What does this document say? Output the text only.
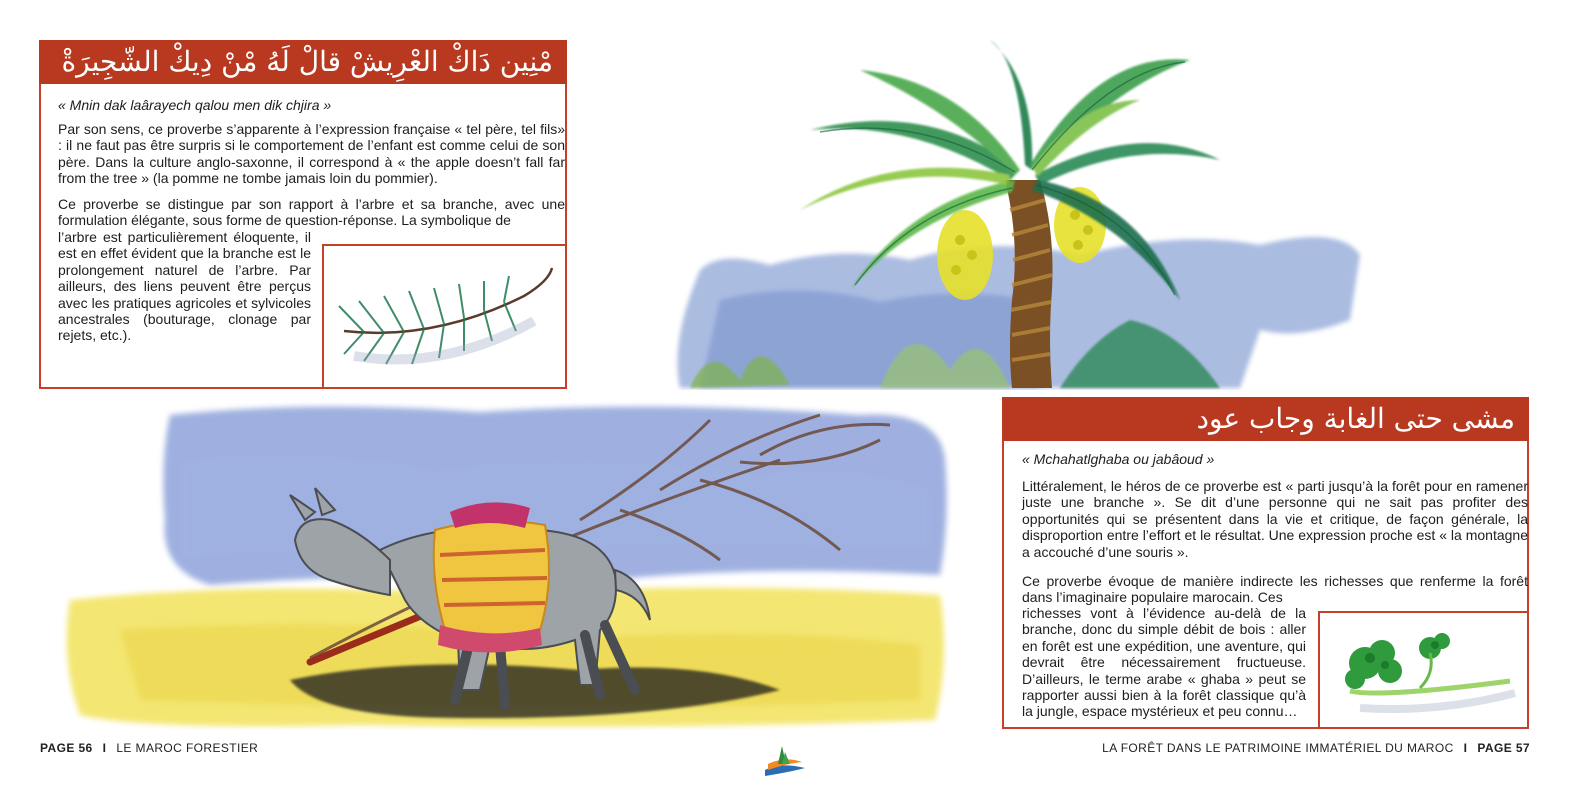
مْنِين دَاكْ العْرِيشْ قالْ لَهُ مْنْ دِيكْ الشّجِيرَةْ
« Mnin dak laârayech qalou men dik chjira »

Par son sens, ce proverbe s’apparente à l’expression française « tel père, tel fils» : il ne faut pas être surpris si le comportement de l’enfant est comme celui de son père. Dans la culture anglo-saxonne, il correspond à « the apple doesn’t fall far from the tree » (la pomme ne tombe jamais loin du pommier).

Ce proverbe se distingue par son rapport à l’arbre et sa branche, avec une formulation élégante, sous forme de question-réponse. La symbolique de

l’arbre est particulièrement éloquente, il est en effet évident que la branche est le prolongement naturel de l’arbre. Par ailleurs, des liens peuvent être perçus avec les pratiques agricoles et sylvicoles ancestrales (bouturage, clonage par rejets, etc.).

مشى حتى الغابة وجاب عود
« Mchahatlghaba ou jabâoud »

Littéralement, le héros de ce proverbe est « parti jusqu’à la forêt pour en ramener juste une branche ». Se dit d’une personne qui ne sait pas profiter des opportunités qui se présentent dans la vie et critique, de façon générale, la disproportion entre l’effort et le résultat. Une expression proche est « la montagne a accouché d’une souris ».

Ce proverbe évoque de manière indirecte les richesses que renferme la forêt dans l’imaginaire populaire marocain. Ces

richesses vont à l’évidence au-delà de la branche, donc du simple débit de bois : aller en forêt est une expédition, une aventure, qui devrait être nécessairement fructueuse. D’ailleurs, le terme arabe « ghaba » peut se rapporter aussi bien à la forêt classique qu’à la jungle, espace mystérieux et peu connu…

PAGE 56 I LE MAROC FORESTIER	LA FORÊT DANS LE PATRIMOINE IMMATÉRIEL DU MAROC I PAGE 57
